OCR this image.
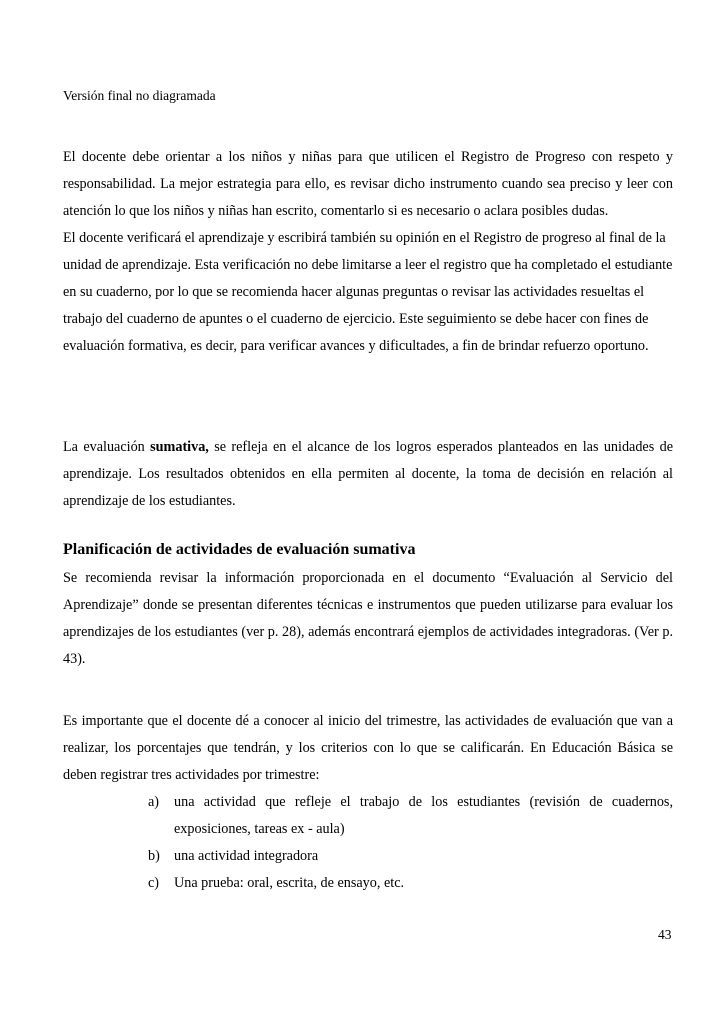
Versión final no diagramada

El docente debe orientar a los niños y niñas para que utilicen el Registro de Progreso con respeto y responsabilidad. La mejor estrategia para ello, es revisar dicho instrumento cuando sea preciso y leer con atención lo que los niños y niñas han escrito, comentarlo si es necesario o aclara posibles dudas.

El docente verificará el aprendizaje y escribirá también su opinión en el Registro de progreso al final de la unidad de aprendizaje. Esta verificación no debe limitarse a leer el registro que ha completado el estudiante en su cuaderno, por lo que se recomienda hacer algunas preguntas o revisar las actividades resueltas el trabajo del cuaderno de apuntes o el cuaderno de ejercicio. Este seguimiento se debe hacer con fines de evaluación formativa, es decir, para verificar avances y dificultades, a fin de brindar refuerzo oportuno.

La evaluación sumativa, se refleja en el alcance de los logros esperados planteados en las unidades de aprendizaje. Los resultados obtenidos en ella permiten al docente, la toma de decisión en relación al aprendizaje de los estudiantes.

Planificación de actividades de evaluación sumativa

Se recomienda revisar la información proporcionada en el documento “Evaluación al Servicio del Aprendizaje” donde se presentan diferentes técnicas e instrumentos que pueden utilizarse para evaluar los aprendizajes de los estudiantes (ver p. 28), además encontrará ejemplos de actividades integradoras. (Ver p. 43).

Es importante que el docente dé a conocer al inicio del trimestre, las actividades de evaluación que van a realizar, los porcentajes que tendrán, y los criterios con lo que se calificarán. En Educación Básica se deben registrar tres actividades por trimestre:

a) una actividad que refleje el trabajo de los estudiantes (revisión de cuadernos, exposiciones, tareas ex - aula)
b) una actividad integradora
c) Una prueba: oral, escrita, de ensayo, etc.
43
